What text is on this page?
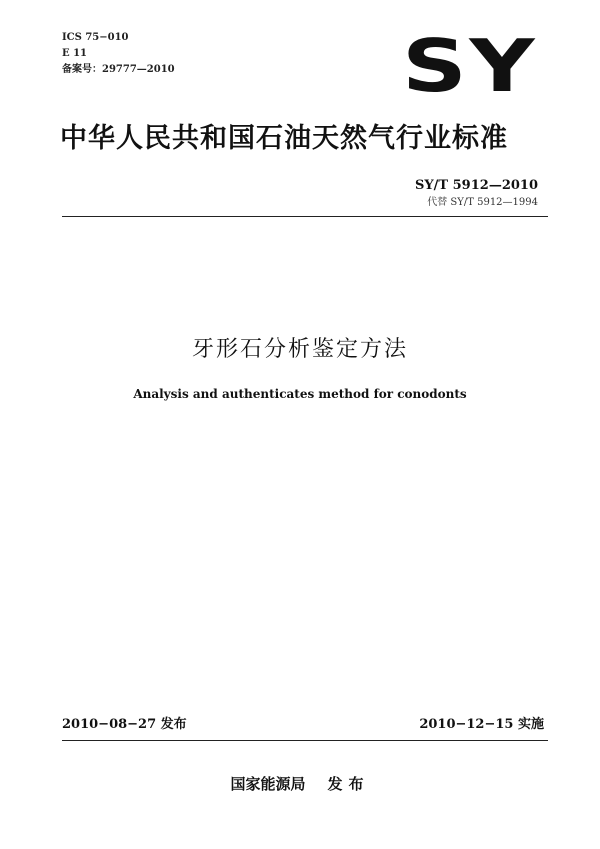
ICS 75−010
E 11
备案号：29777—2010	SY
中华人民共和国石油天然气行业标准
SY/T 5912—2010
代替 SY/T 5912—1994
牙形石分析鉴定方法
Analysis and authenticates method for conodonts
2010−08−27 发布	2010−12−15 实施
国家能源局 发布
